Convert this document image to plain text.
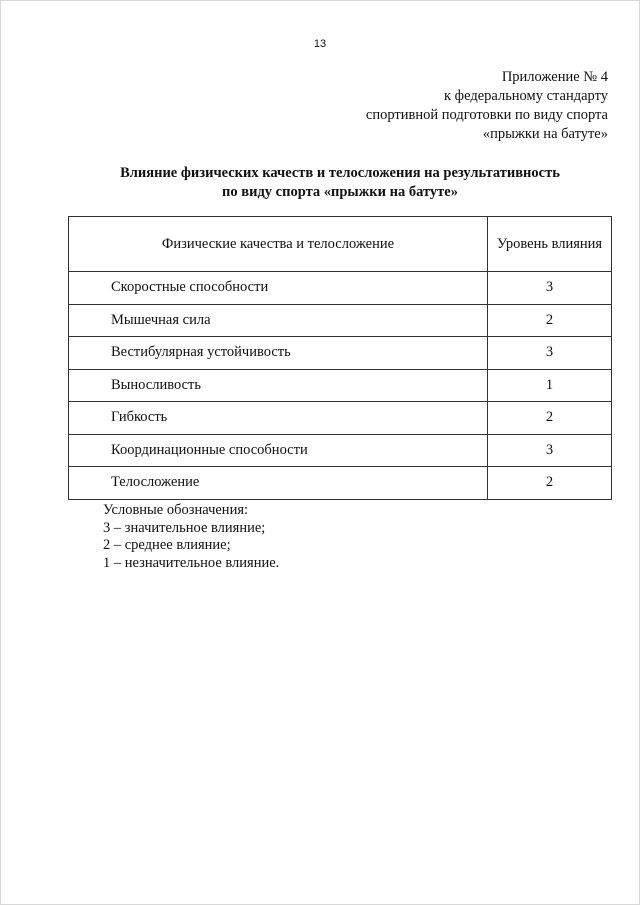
13
Приложение № 4
к федеральному стандарту
спортивной подготовки по виду спорта
«прыжки на батуте»
Влияние физических качеств и телосложения на результативность
по виду спорта «прыжки на батуте»
Физические качества и телосложение	Уровень влияния
Скоростные способности	3
Мышечная сила	2
Вестибулярная устойчивость	3
Выносливость	1
Гибкость	2
Координационные способности	3
Телосложение	2
Условные обозначения:
3 – значительное влияние;
2 – среднее влияние;
1 – незначительное влияние.
